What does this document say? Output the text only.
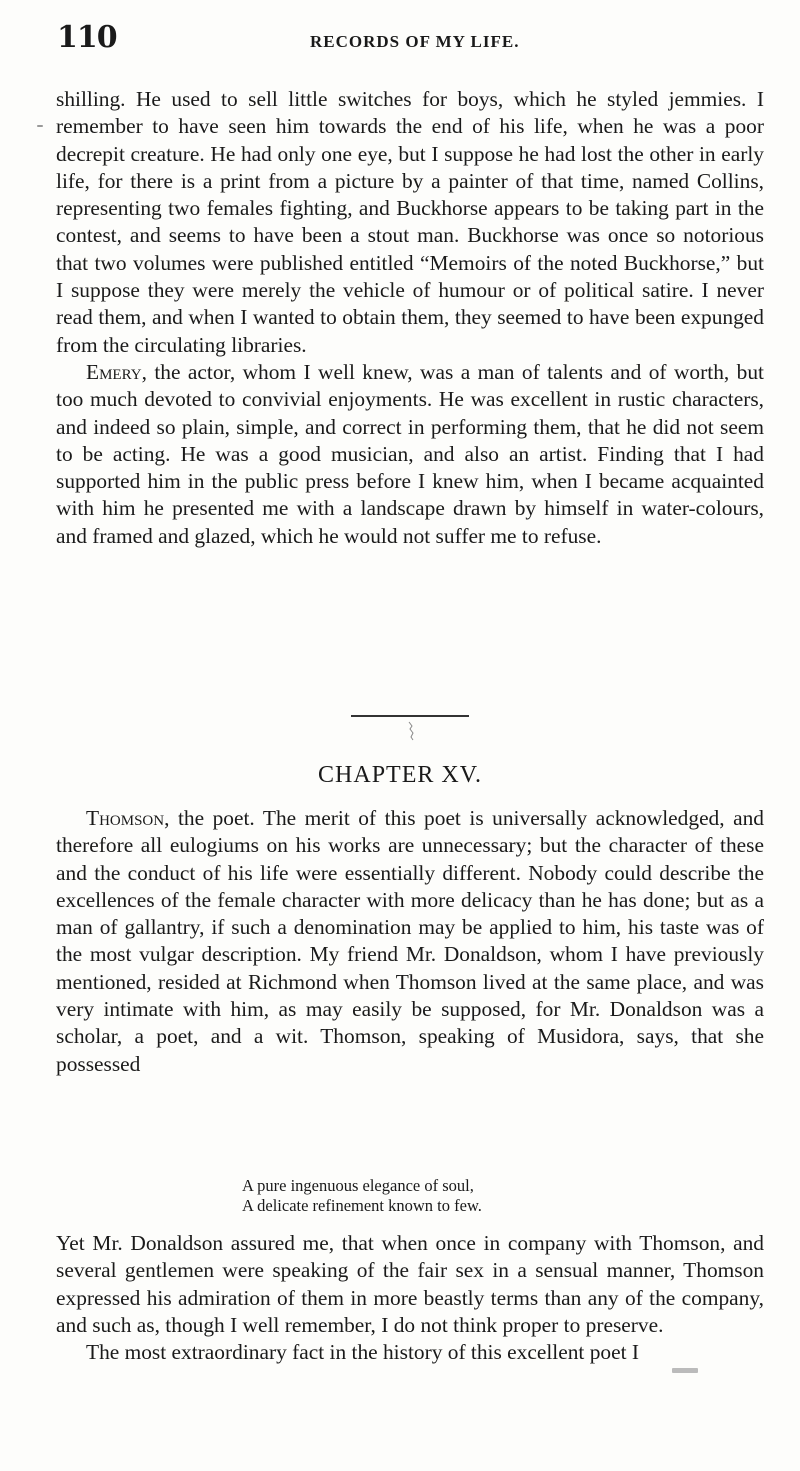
110	RECORDS OF MY LIFE.

shilling. He used to sell little switches for boys, which he styled jemmies. I remember to have seen him towards the end of his life, when he was a poor decrepit creature. He had only one eye, but I suppose he had lost the other in early life, for there is a print from a picture by a painter of that time, named Collins, representing two females fighting, and Buckhorse appears to be taking part in the contest, and seems to have been a stout man. Buckhorse was once so notorious that two volumes were published entitled “Memoirs of the noted Buckhorse,” but I suppose they were merely the vehicle of humour or of political satire. I never read them, and when I wanted to obtain them, they seemed to have been expunged from the circulating libraries.

Emery, the actor, whom I well knew, was a man of talents and of worth, but too much devoted to convivial enjoyments. He was excellent in rustic characters, and indeed so plain, simple, and correct in performing them, that he did not seem to be acting. He was a good musician, and also an artist. Finding that I had supported him in the public press before I knew him, when I became acquainted with him he presented me with a landscape drawn by himself in water-colours, and framed and glazed, which he would not suffer me to refuse.

CHAPTER XV.

Thomson, the poet. The merit of this poet is universally acknowledged, and therefore all eulogiums on his works are unnecessary; but the character of these and the conduct of his life were essentially different. Nobody could describe the excellences of the female character with more delicacy than he has done; but as a man of gallantry, if such a denomination may be applied to him, his taste was of the most vulgar description. My friend Mr. Donaldson, whom I have previously mentioned, resided at Richmond when Thomson lived at the same place, and was very intimate with him, as may easily be supposed, for Mr. Donaldson was a scholar, a poet, and a wit. Thomson, speaking of Musidora, says, that she possessed

A pure ingenuous elegance of soul,
A delicate refinement known to few.

Yet Mr. Donaldson assured me, that when once in company with Thomson, and several gentlemen were speaking of the fair sex in a sensual manner, Thomson expressed his admiration of them in more beastly terms than any of the company, and such as, though I well remember, I do not think proper to preserve.

The most extraordinary fact in the history of this excellent poet I
